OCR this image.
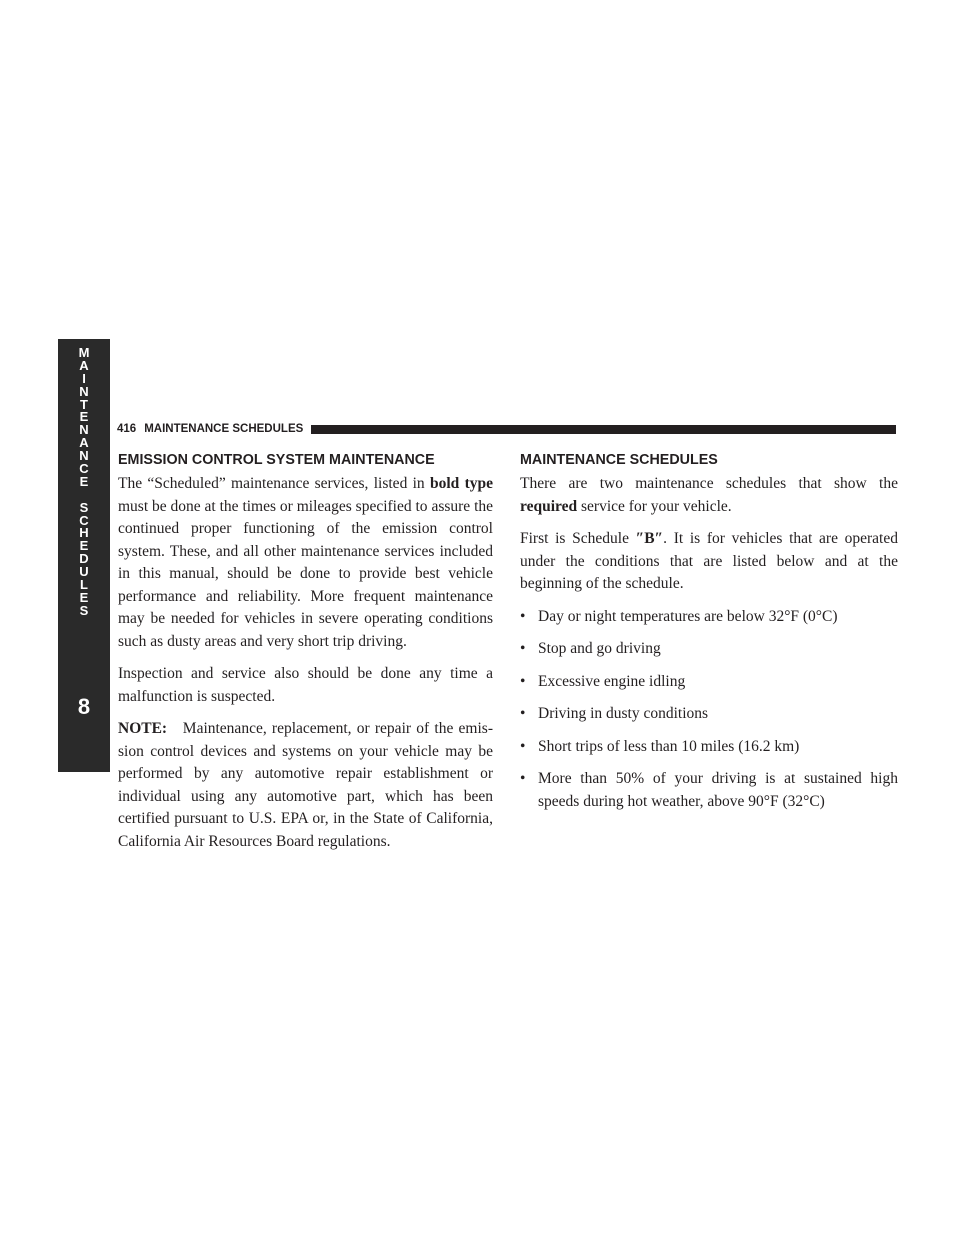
M
A
I
N
T
E
N
A
N
C
E
S
C
H
E
D
U
L
E
S
8
416 MAINTENANCE SCHEDULES
EMISSION CONTROL SYSTEM MAINTENANCE

The “Scheduled” maintenance services, listed in bold type must be done at the times or mileages specified to assure the continued proper functioning of the emission control system. These, and all other maintenance services included in this manual, should be done to provide best vehicle performance and reliability. More frequent maintenance may be needed for vehicles in severe operating conditions such as dusty areas and very short trip driving.

Inspection and service also should be done any time a malfunction is suspected.

NOTE: Maintenance, replacement, or repair of the emission control devices and systems on your vehicle may be performed by any automotive repair establishment or individual using any automotive part, which has been certified pursuant to U.S. EPA or, in the State of California, California Air Resources Board regulations.

MAINTENANCE SCHEDULES

There are two maintenance schedules that show the required service for your vehicle.

First is Schedule ″B″. It is for vehicles that are operated under the conditions that are listed below and at the beginning of the schedule.

• Day or night temperatures are below 32°F (0°C)
• Stop and go driving
• Excessive engine idling
• Driving in dusty conditions
• Short trips of less than 10 miles (16.2 km)
• More than 50% of your driving is at sustained high speeds during hot weather, above 90°F (32°C)
